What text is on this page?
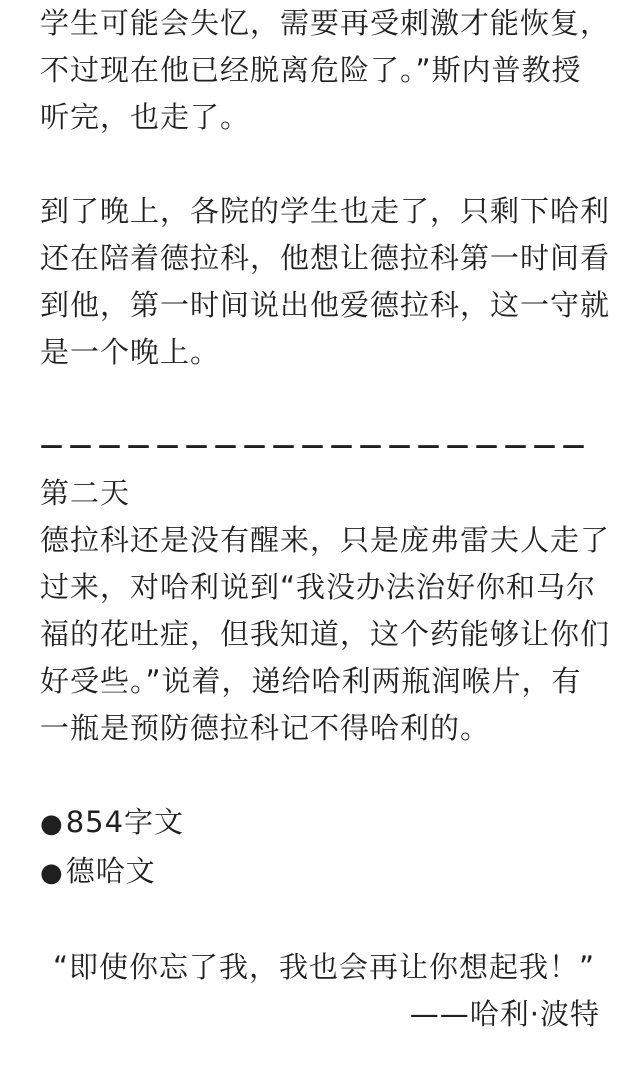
学生可能会失忆，需要再受刺激才能恢复，
不过现在他已经脱离危险了。”斯内普教授
听完，也走了。
到了晚上，各院的学生也走了，只剩下哈利
还在陪着德拉科，他想让德拉科第一时间看
到他，第一时间说出他爱德拉科，这一守就
是一个晚上。
———————————————————
第二天
德拉科还是没有醒来，只是庞弗雷夫人走了
过来，对哈利说到“我没办法治好你和马尔
福的花吐症，但我知道，这个药能够让你们
好受些。”说着，递给哈利两瓶润喉片，有
一瓶是预防德拉科记不得哈利的。
●854字文
●德哈文
“即使你忘了我，我也会再让你想起我！”
——哈利·波特
